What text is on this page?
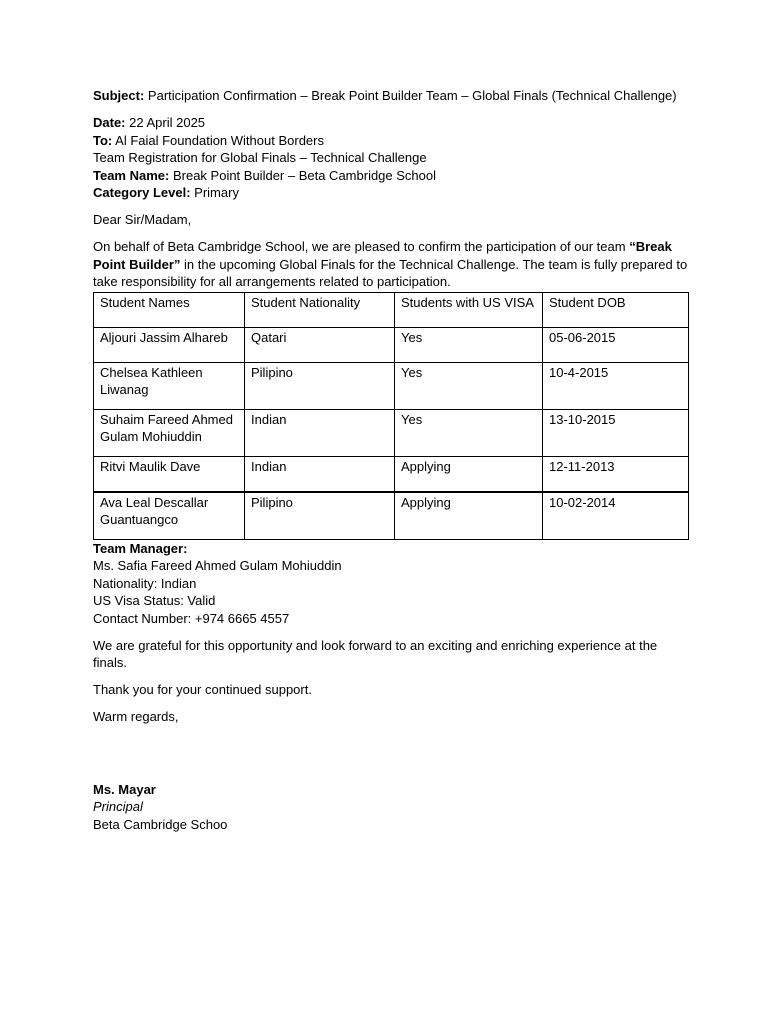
Subject: Participation Confirmation – Break Point Builder Team – Global Finals (Technical Challenge)

Date: 22 April 2025

To: Al Faial Foundation Without Borders

Team Registration for Global Finals – Technical Challenge

Team Name: Break Point Builder – Beta Cambridge School

Category Level: Primary

Dear Sir/Madam,

On behalf of Beta Cambridge School, we are pleased to confirm the participation of our team “Break Point Builder” in the upcoming Global Finals for the Technical Challenge. The team is fully prepared to take responsibility for all arrangements related to participation.

Student Names	Student Nationality	Students with US VISA	Student DOB
Aljouri Jassim Alhareb	Qatari	Yes	05-06-2015
Chelsea Kathleen Liwanag	Pilipino	Yes	10-4-2015
Suhaim Fareed Ahmed Gulam Mohiuddin	Indian	Yes	13-10-2015
Ritvi Maulik Dave	Indian	Applying	12-11-2013
Ava Leal Descallar Guantuangco	Pilipino	Applying	10-02-2014

Team Manager:

Ms. Safia Fareed Ahmed Gulam Mohiuddin

Nationality: Indian

US Visa Status: Valid

Contact Number: +974 6665 4557

We are grateful for this opportunity and look forward to an exciting and enriching experience at the finals.

Thank you for your continued support.

Warm regards,

Ms. Mayar

Principal

Beta Cambridge Schoo
